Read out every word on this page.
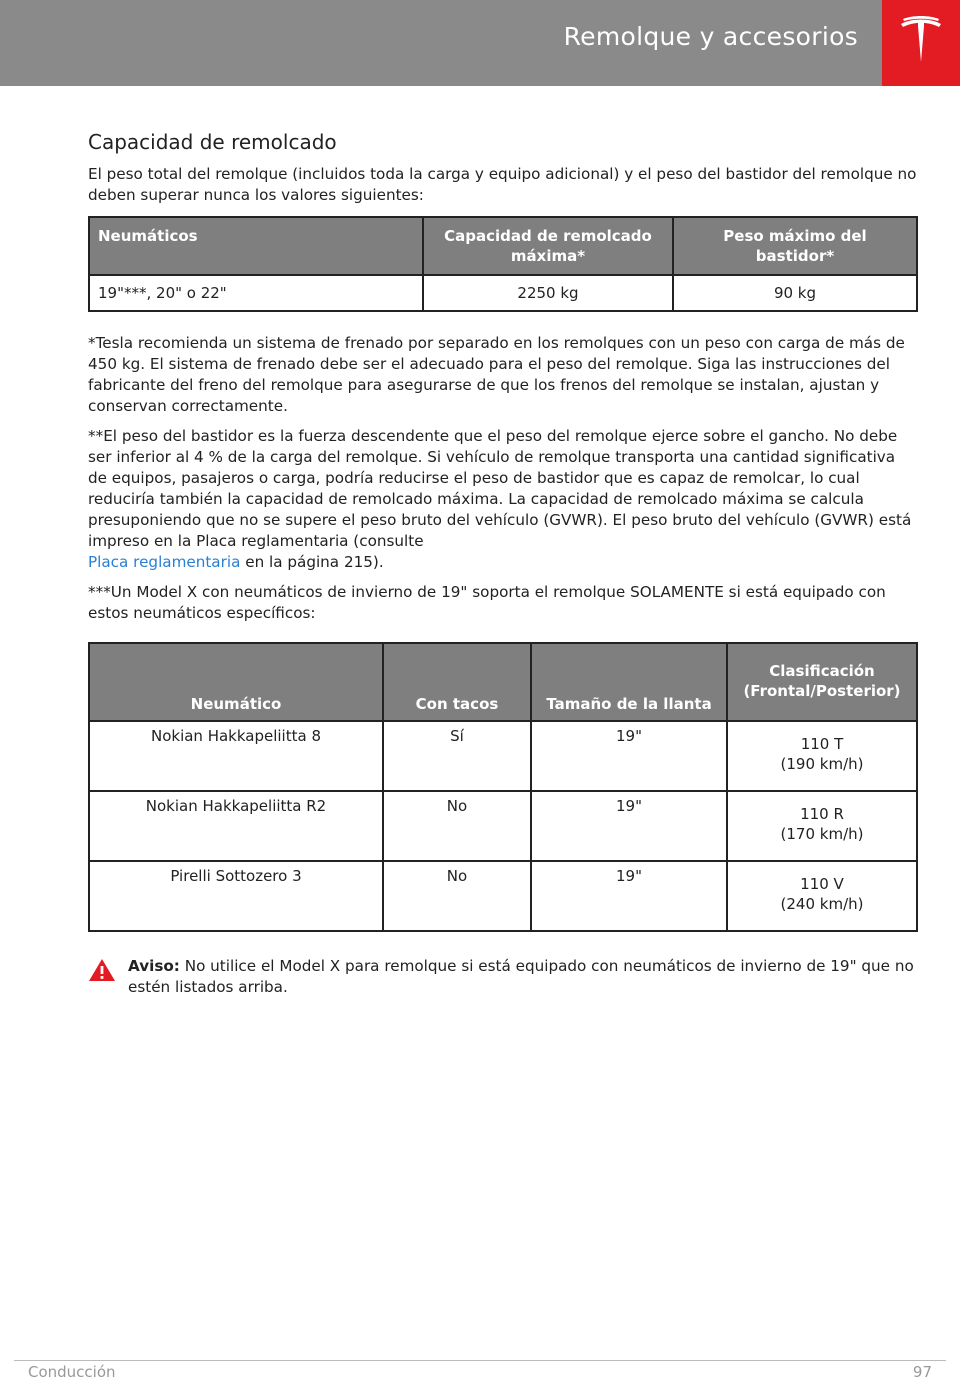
Remolque y accesorios
Capacidad de remolcado

El peso total del remolque (incluidos toda la carga y equipo adicional) y el peso del bastidor del remolque no deben superar nunca los valores siguientes:

Neumáticos	Capacidad de remolcado máxima*	Peso máximo del bastidor*
19"***, 20" o 22"	2250 kg	90 kg

*Tesla recomienda un sistema de frenado por separado en los remolques con un peso con carga de más de 450 kg. El sistema de frenado debe ser el adecuado para el peso del remolque. Siga las instrucciones del fabricante del freno del remolque para asegurarse de que los frenos del remolque se instalan, ajustan y conservan correctamente.

**El peso del bastidor es la fuerza descendente que el peso del remolque ejerce sobre el gancho. No debe ser inferior al 4 % de la carga del remolque. Si vehículo de remolque transporta una cantidad significativa de equipos, pasajeros o carga, podría reducirse el peso de bastidor que es capaz de remolcar, lo cual reduciría también la capacidad de remolcado máxima. La capacidad de remolcado máxima se calcula presuponiendo que no se supere el peso bruto del vehículo (GVWR). El peso bruto del vehículo (GVWR) está impreso en la Placa reglamentaria (consulte
Placa reglamentaria en la página 215).

***Un Model X con neumáticos de invierno de 19" soporta el remolque SOLAMENTE si está equipado con estos neumáticos específicos:

Neumático	Con tacos	Tamaño de la llanta	Clasificación (Frontal/Posterior)
Nokian Hakkapeliitta 8	Sí	19"	110 T
(190 km/h)
Nokian Hakkapeliitta R2	No	19"	110 R
(170 km/h)
Pirelli Sottozero 3	No	19"	110 V
(240 km/h)
Aviso: No utilice el Model X para remolque si está equipado con neumáticos de invierno de 19" que no estén listados arriba.
Conducción	97
